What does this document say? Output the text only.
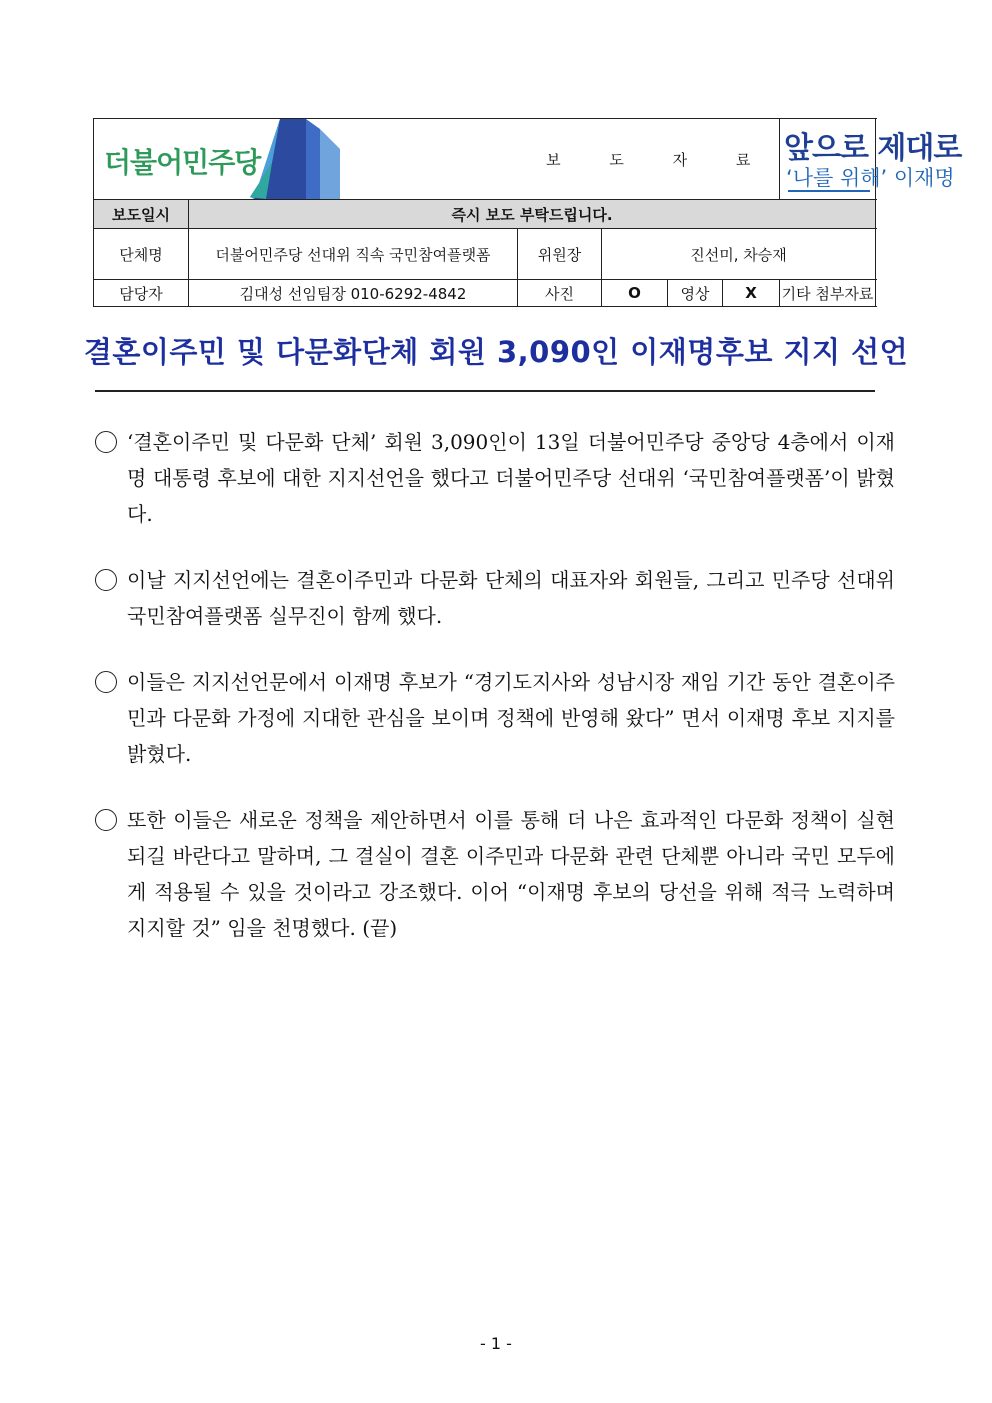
더불어민주당		보 도 자 료				앞으로 제대로
‘나를 위해’ 이재명

보도일시	즉시 보도 부탁드립니다.					
단체명	더불어민주당 선대위 직속 국민참여플랫폼	위원장	진선미, 차승재			
담당자	김대성 선임팀장 010-6292-4842	사진	O	영상	X	기타 첨부자료
결혼이주민 및 다문화단체 회원 3,090인 이재명후보 지지 선언
‘결혼이주민 및 다문화 단체’ 회원 3,090인이 13일 더불어민주당 중앙당 4층에서 이재명 대통령 후보에 대한 지지선언을 했다고 더불어민주당 선대위 ‘국민참여플랫폼’이 밝혔다.
이날 지지선언에는 결혼이주민과 다문화 단체의 대표자와 회원들, 그리고 민주당 선대위 국민참여플랫폼 실무진이 함께 했다.
이들은 지지선언문에서 이재명 후보가 “경기도지사와 성남시장 재임 기간 동안 결혼이주민과 다문화 가정에 지대한 관심을 보이며 정책에 반영해 왔다” 면서 이재명 후보 지지를 밝혔다.
또한 이들은 새로운 정책을 제안하면서 이를 통해 더 나은 효과적인 다문화 정책이 실현되길 바란다고 말하며, 그 결실이 결혼 이주민과 다문화 관련 단체뿐 아니라 국민 모두에게 적용될 수 있을 것이라고 강조했다. 이어 “이재명 후보의 당선을 위해 적극 노력하며 지지할 것” 임을 천명했다. (끝)
- 1 -
